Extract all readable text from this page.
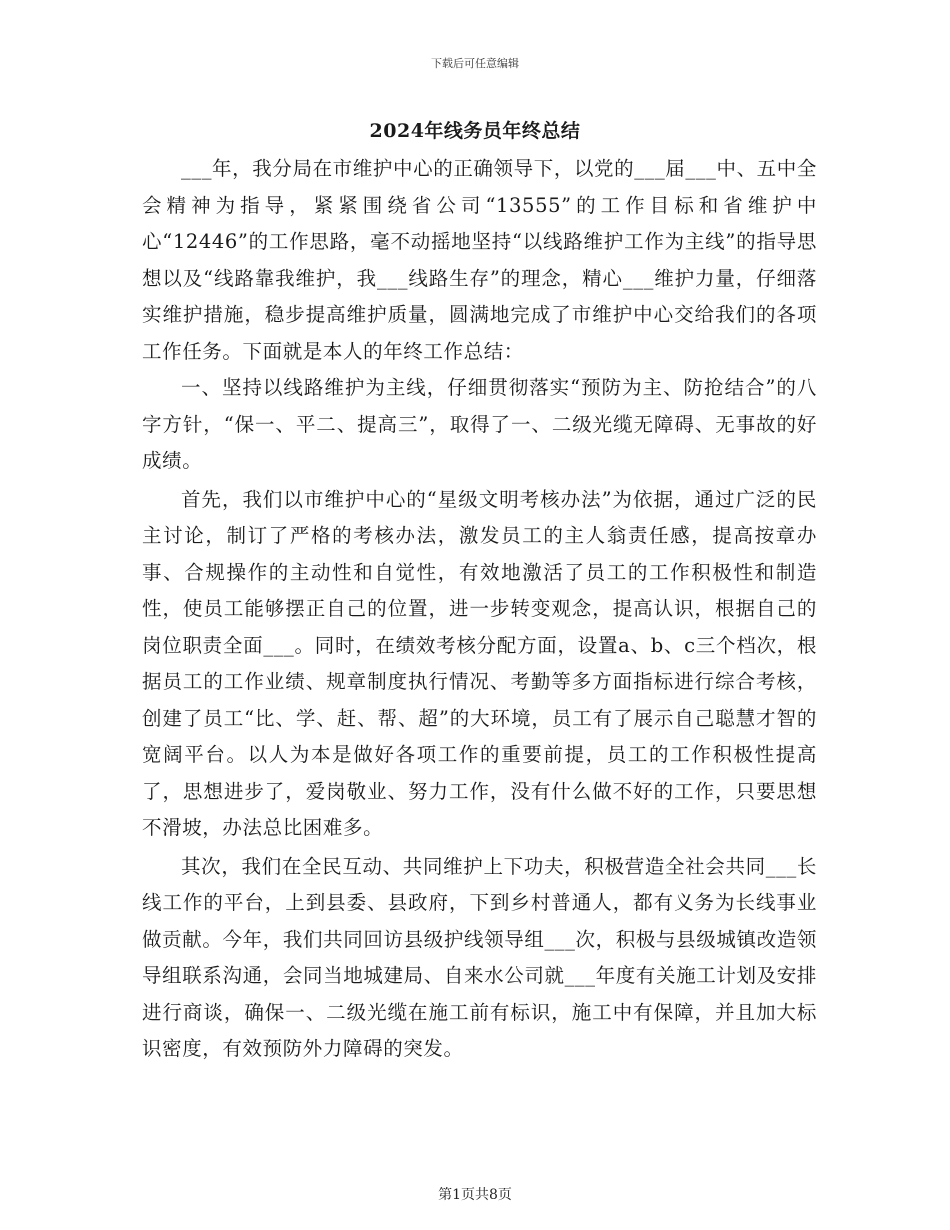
下载后可任意编辑
2024年线务员年终总结

___年，我分局在市维护中心的正确领导下，以党的___届___中、五中全会精神为指导，紧紧围绕省公司“13555”的工作目标和省维护中心“12446”的工作思路，毫不动摇地坚持“以线路维护工作为主线”的指导思想以及“线路靠我维护，我___线路生存”的理念，精心___维护力量，仔细落实维护措施，稳步提高维护质量，圆满地完成了市维护中心交给我们的各项工作任务。下面就是本人的年终工作总结：

一、坚持以线路维护为主线，仔细贯彻落实“预防为主、防抢结合”的八字方针，“保一、平二、提高三”，取得了一、二级光缆无障碍、无事故的好成绩。

首先，我们以市维护中心的“星级文明考核办法”为依据，通过广泛的民主讨论，制订了严格的考核办法，激发员工的主人翁责任感，提高按章办事、合规操作的主动性和自觉性，有效地激活了员工的工作积极性和制造性，使员工能够摆正自己的位置，进一步转变观念，提高认识，根据自己的岗位职责全面___。同时，在绩效考核分配方面，设置a、b、c三个档次，根据员工的工作业绩、规章制度执行情况、考勤等多方面指标进行综合考核，创建了员工“比、学、赶、帮、超”的大环境，员工有了展示自己聪慧才智的宽阔平台。以人为本是做好各项工作的重要前提，员工的工作积极性提高了，思想进步了，爱岗敬业、努力工作，没有什么做不好的工作，只要思想不滑坡，办法总比困难多。

其次，我们在全民互动、共同维护上下功夫，积极营造全社会共同___长线工作的平台，上到县委、县政府，下到乡村普通人，都有义务为长线事业做贡献。今年，我们共同回访县级护线领导组___次，积极与县级城镇改造领导组联系沟通，会同当地城建局、自来水公司就___年度有关施工计划及安排进行商谈，确保一、二级光缆在施工前有标识，施工中有保障，并且加大标识密度，有效预防外力障碍的突发。

第1页共8页
